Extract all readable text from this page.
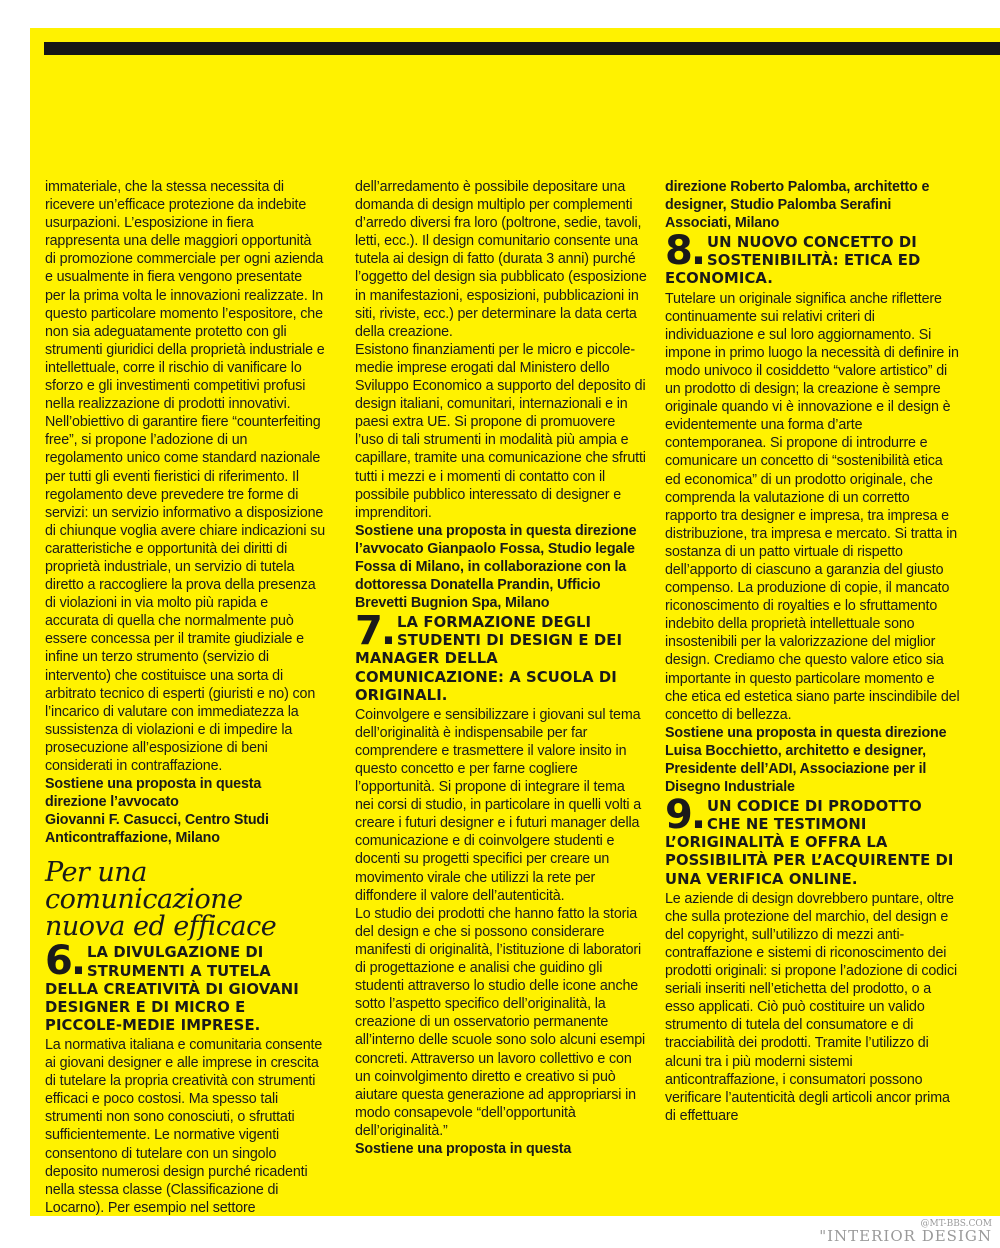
immateriale, che la stessa necessita di ricevere un’efficace protezione da indebite usurpazioni. L’esposizione in fiera rappresenta una delle maggiori opportunità di promozione commerciale per ogni azienda e usualmente in fiera vengono presentate per la prima volta le innovazioni realizzate. In questo particolare momento l’espositore, che non sia adeguatamente protetto con gli strumenti giuridici della proprietà industriale e intellettuale, corre il rischio di vanificare lo sforzo e gli investimenti competitivi profusi nella realizzazione di prodotti innovativi.

Nell’obiettivo di garantire fiere “counterfeiting free”, si propone l’adozione di un regolamento unico come standard nazionale per tutti gli eventi fieristici di riferimento. Il regolamento deve prevedere tre forme di servizi: un servizio informativo a disposizione di chiunque voglia avere chiare indicazioni su caratteristiche e opportunità dei diritti di proprietà industriale, un servizio di tutela diretto a raccogliere la prova della presenza di violazioni in via molto più rapida e accurata di quella che normalmente può essere concessa per il tramite giudiziale e infine un terzo strumento (servizio di intervento) che costituisce una sorta di arbitrato tecnico di esperti (giuristi e no) con l’incarico di valutare con immediatezza la sussistenza di violazioni e di impedire la prosecuzione all’esposizione di beni considerati in contraffazione.

Sostiene una proposta in questa direzione l’avvocato

Giovanni F. Casucci, Centro Studi Anticontraffazione, Milano

Per una comunicazione
nuova ed efficace
6. LA DIVULGAZIONE DI STRUMENTI A TUTELA DELLA CREATIVITÀ DI GIOVANI DESIGNER E DI MICRO E PICCOLE-MEDIE IMPRESE.

La normativa italiana e comunitaria consente ai giovani designer e alle imprese in crescita di tutelare la propria creatività con strumenti efficaci e poco costosi. Ma spesso tali strumenti non sono conosciuti, o sfruttati sufficientemente. Le normative vigenti consentono di tutelare con un singolo deposito numerosi design purché ricadenti nella stessa classe (Classificazione di Locarno). Per esempio nel settore

dell’arredamento è possibile depositare una domanda di design multiplo per complementi d’arredo diversi fra loro (poltrone, sedie, tavoli, letti, ecc.). Il design comunitario consente una tutela ai design di fatto (durata 3 anni) purché l’oggetto del design sia pubblicato (esposizione in manifestazioni, esposizioni, pubblicazioni in siti, riviste, ecc.) per determinare la data certa della creazione.

Esistono finanziamenti per le micro e piccole-medie imprese erogati dal Ministero dello Sviluppo Economico a supporto del deposito di design italiani, comunitari, internazionali e in paesi extra UE. Si propone di promuovere l’uso di tali strumenti in modalità più ampia e capillare, tramite una comunicazione che sfrutti tutti i mezzi e i momenti di contatto con il possibile pubblico interessato di designer e imprenditori.

Sostiene una proposta in questa direzione l’avvocato Gianpaolo Fossa, Studio legale Fossa di Milano, in collaborazione con la dottoressa Donatella Prandin, Ufficio Brevetti Bugnion Spa, Milano

7. LA FORMAZIONE DEGLI STUDENTI DI DESIGN E DEI MANAGER DELLA COMUNICAZIONE: A SCUOLA DI ORIGINALI.

Coinvolgere e sensibilizzare i giovani sul tema dell’originalità è indispensabile per far comprendere e trasmettere il valore insito in questo concetto e per farne cogliere l’opportunità. Si propone di integrare il tema nei corsi di studio, in particolare in quelli volti a creare i futuri designer e i futuri manager della comunicazione e di coinvolgere studenti e docenti su progetti specifici per creare un movimento virale che utilizzi la rete per diffondere il valore dell’autenticità.

Lo studio dei prodotti che hanno fatto la storia del design e che si possono considerare manifesti di originalità, l’istituzione di laboratori di progettazione e analisi che guidino gli studenti attraverso lo studio delle icone anche sotto l’aspetto specifico dell’originalità, la creazione di un osservatorio permanente all’interno delle scuole sono solo alcuni esempi concreti. Attraverso un lavoro collettivo e con un coinvolgimento diretto e creativo si può aiutare questa generazione ad appropriarsi in modo consapevole “dell’opportunità dell’originalità.”

Sostiene una proposta in questa

direzione Roberto Palomba, architetto e designer, Studio Palomba Serafini Associati, Milano

8. UN NUOVO CONCETTO DI SOSTENIBILITÀ: ETICA ED ECONOMICA.

Tutelare un originale significa anche riflettere continuamente sui relativi criteri di individuazione e sul loro aggiornamento. Si impone in primo luogo la necessità di definire in modo univoco il cosiddetto “valore artistico” di un prodotto di design; la creazione è sempre originale quando vi è innovazione e il design è evidentemente una forma d’arte contemporanea. Si propone di introdurre e comunicare un concetto di “sostenibilità etica ed economica” di un prodotto originale, che comprenda la valutazione di un corretto rapporto tra designer e impresa, tra impresa e distribuzione, tra impresa e mercato. Si tratta in sostanza di un patto virtuale di rispetto dell’apporto di ciascuno a garanzia del giusto compenso. La produzione di copie, il mancato riconoscimento di royalties e lo sfruttamento indebito della proprietà intellettuale sono insostenibili per la valorizzazione del miglior design. Crediamo che questo valore etico sia importante in questo particolare momento e che etica ed estetica siano parte inscindibile del concetto di bellezza.

Sostiene una proposta in questa direzione Luisa Bocchietto, architetto e designer, Presidente dell’ADI, Associazione per il Disegno Industriale

9. UN CODICE DI PRODOTTO CHE NE TESTIMONI L’ORIGINALITÀ E OFFRA LA POSSIBILITÀ PER L’ACQUIRENTE DI UNA VERIFICA ONLINE.

Le aziende di design dovrebbero puntare, oltre che sulla protezione del marchio, del design e del copyright, sull’utilizzo di mezzi anti-contraffazione e sistemi di riconoscimento dei prodotti originali: si propone l’adozione di codici seriali inseriti nell’etichetta del prodotto, o a esso applicati. Ciò può costituire un valido strumento di tutela del consumatore e di tracciabilità dei prodotti. Tramite l’utilizzo di alcuni tra i più moderni sistemi anticontraffazione, i consumatori possono verificare l’autenticità degli articoli ancor prima di effettuare

@MT-BBS.COM
"INTERIOR DESIGN
